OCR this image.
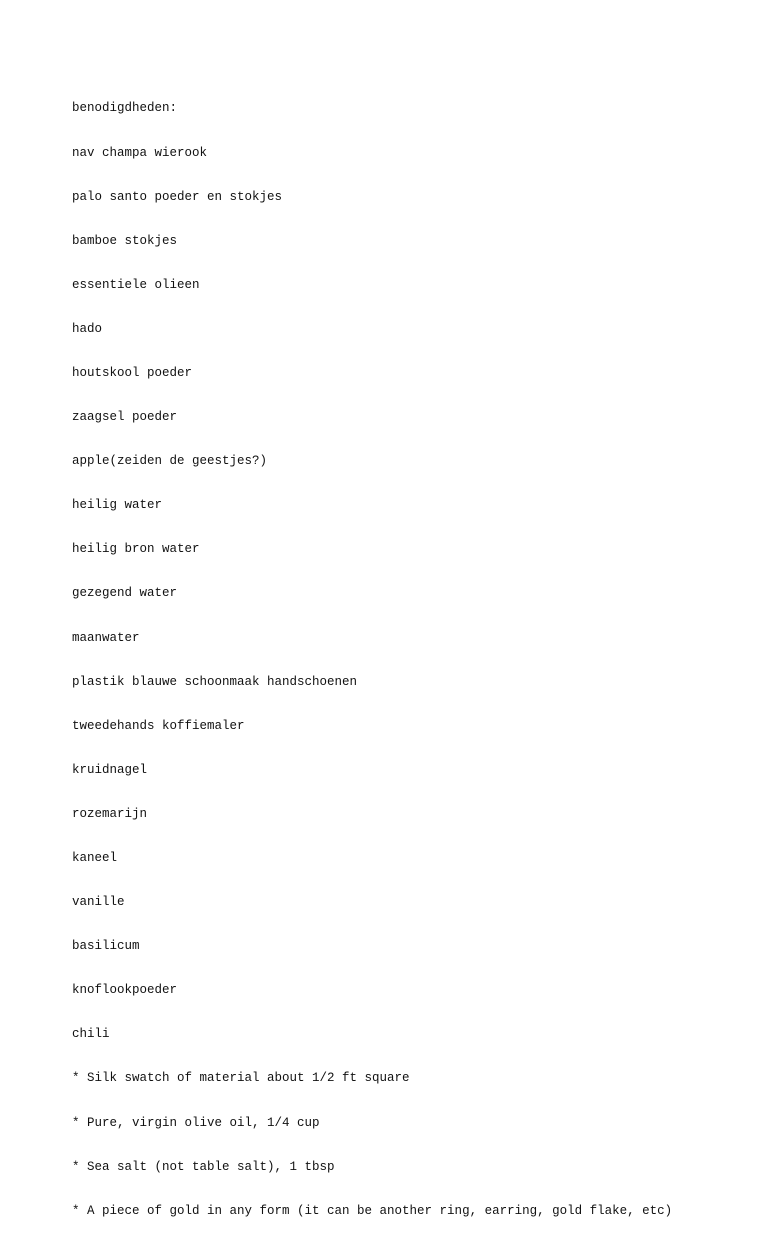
benodigdheden:

nav champa wierook

palo santo poeder en stokjes

bamboe stokjes

essentiele olieen

hado

houtskool poeder

zaagsel poeder

apple(zeiden de geestjes?)

heilig water

heilig bron water

gezegend water

maanwater

plastik blauwe schoonmaak handschoenen

tweedehands koffiemaler

kruidnagel

rozemarijn

kaneel

vanille

basilicum

knoflookpoeder

chili

* Silk swatch of material about 1/2 ft square

* Pure, virgin olive oil, 1/4 cup

* Sea salt (not table salt), 1 tbsp

* A piece of gold in any form (it can be another ring, earring, gold flake, etc)
